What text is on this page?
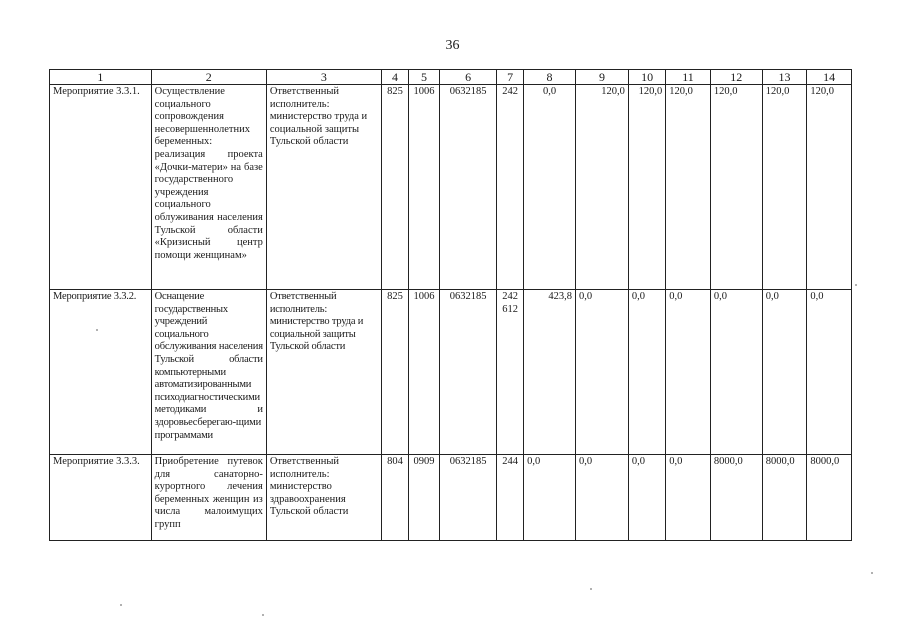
36
1	2	3	4	5	6	7	8	9	10	11	12	13	14
Мероприятие 3.3.1.	Осуществление социального сопровождения несовершеннолетних беременных: реализация проекта «Дочки-матери» на базе государственного учреждения социального облуживания населения Тульской области «Кризисный центр помощи женщинам»	Ответственный исполнитель: министерство труда и социальной защиты Тульской области	825	1006	0632185	242	0,0	120,0	120,0	120,0	120,0	120,0	120,0
Мероприятие 3.3.2.	Оснащение государственных учреждений социального обслуживания населения Тульской области компьютерными автоматизированными психодиагностическими методиками и здоровьесберегаю-щими программами	Ответственный исполнитель: министерство труда и социальной защиты Тульской области	825	1006	0632185	242 612	423,8	0,0	0,0	0,0	0,0	0,0	0,0
Мероприятие 3.3.3.	Приобретение путевок для санаторно-курортного лечения беременных женщин из числа малоимущих групп	Ответственный исполнитель: министерство здравоохранения Тульской области	804	0909	0632185	244	0,0	0,0	0,0	0,0	8000,0	8000,0	8000,0
